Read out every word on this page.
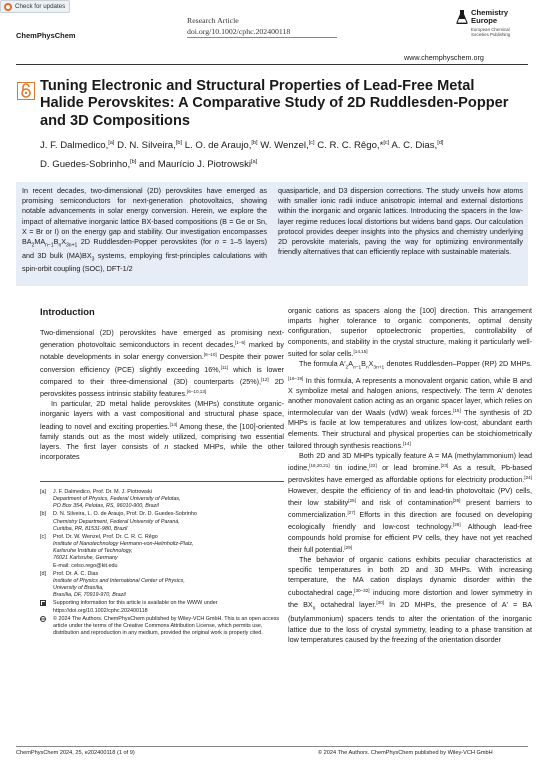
Check for updates
ChemPhysChem
Research Article
doi.org/10.1002/cphc.202400118
Chemistry
Europe
European Chemical
Societies Publishing
www.chemphyschem.org
Tuning Electronic and Structural Properties of Lead-Free Metal Halide Perovskites: A Comparative Study of 2D Ruddlesden-Popper and 3D Compositions
J. F. Dalmedico,[a] D. N. Silveira,[b] L. O. de Araujo,[b] W. Wenzel,[c] C. R. C. Rêgo,*[c] A. C. Dias,[d]
D. Guedes-Sobrinho,[b] and Maurício J. Piotrowski[a]
In recent decades, two-dimensional (2D) perovskites have emerged as promising semiconductors for next-generation photovoltaics, showing notable advancements in solar energy conversion. Herein, we explore the impact of alternative inorganic lattice BX-based compositions (B = Ge or Sn, X = Br or I) on the energy gap and stability. Our investigation encompasses $BA_2MA_{n-1}B_nX_{3n+1}$ 2D Ruddlesden-Popper perovskites (for n = 1–5 layers) and 3D bulk $(MA)BX_3$ systems, employing first-principles calculations with spin-orbit coupling (SOC), DFT-1/2
quasiparticle, and D3 dispersion corrections. The study unveils how atoms with smaller ionic radii induce anisotropic internal and external distortions within the inorganic and organic lattices. Introducing the spacers in the low-layer regime reduces local distortions but widens band gaps. Our calculation protocol provides deeper insights into the physics and chemistry underlying 2D perovskite materials, paving the way for optimizing environmentally friendly alternatives that can efficiently replace with sustainable materials.
Introduction

Two-dimensional (2D) perovskites have emerged as promising next-generation photovoltaic semiconductors in recent decades,[1–5] marked by notable developments in solar energy conversion.[6–10] Despite their power conversion efficiency (PCE) slightly exceeding 16%,[11] which is lower compared to their three-dimensional (3D) counterparts (25%),[12] 2D perovskites possess intrinsic stability features.[6–10,13]

In particular, 2D metal halide perovskites (MHPs) constitute organic-inorganic layers with a vast compositional and structural phase space, leading to novel and exciting properties.[14] Among these, the [100]-oriented family stands out as the most widely utilized, comprising two essential layers. The first layer consists of n stacked MHPs, while the other incorporates

[a]	J. F. Dalmedico, Prof. Dr. M. J. Piotrowski
Department of Physics, Federal University of Pelotas,
PO Box 354, Pelotas, RS, 96010-900, Brazil
[b]	D. N. Silveira, L. O. de Araujo, Prof. Dr. D. Guedes-Sobrinho
Chemistry Department, Federal University of Paraná,
Curitiba, PR, 81531-980, Brazil
[c]	Prof. Dr. W. Wenzel, Prof. Dr. C. R. C. Rêgo
Institute of Nanotechnology Hermann-von-Helmholtz-Platz,
Karlsruhe Institute of Technology,
76021 Karlsruhe, Germany
E-mail: celso.rego@kit.edu
[d]	Prof. Dr. A. C. Dias
Institute of Physics and International Center of Physics,
University of Brasília,
Brasília, DF, 70919-970, Brazil
Supporting information for this article is available on the WWW under https://doi.org/10.1002/cphc.202400118
cc	© 2024 The Authors. ChemPhysChem published by Wiley-VCH GmbH. This is an open access article under the terms of the Creative Commons Attribution License, which permits use, distribution and reproduction in any medium, provided the original work is properly cited.

organic cations as spacers along the [100] direction. This arrangement imparts higher tolerance to organic components, optimal density configuration, superior optoelectronic properties, controllability of components, and stability in the crystal structure, making it particularly well-suited for solar cells.[14,15]

The formula $A'_2A_{n-1}B_nX_{3n+1}$ denotes Ruddlesden–Popper (RP) 2D MHPs.[16–19] In this formula, A represents a monovalent organic cation, while B and X symbolize metal and halogen anions, respectively. The term A′ denotes another monovalent cation acting as an organic spacer layer, which relies on intermolecular van der Waals (vdW) weak forces.[15] The synthesis of 2D MHPs is facile at low temperatures and utilizes low-cost, abundant earth elements. Their structural and physical properties can be stoichiometrically tailored through synthesis reactions.[14]

Both 2D and 3D MHPs typically feature A = MA (methylammonium) lead iodine,[18,20,21] tin iodine,[22] or lead bromine.[23] As a result, Pb-based perovskites have emerged as affordable options for electricity production.[24] However, despite the efficiency of tin and lead-tin photovoltaic (PV) cells, their low stability[25] and risk of contamination[26] present barriers to commercialization.[27] Efforts in this direction are focused on developing ecologically friendly and low-cost technology.[28] Although lead-free compounds hold promise for efficient PV cells, they have not yet reached their full potential.[29]

The behavior of organic cations exhibits peculiar characteristics at specific temperatures in both 2D and 3D MHPs. With increasing temperature, the MA cation displays dynamic disorder within the cuboctahedral cage,[30–32] inducing more distortion and lower symmetry in the $BX_6$ octahedral layer.[30] In 2D MHPs, the presence of A′ = BA (butylammonium) spacers tends to alter the orientation of the inorganic lattice due to the loss of crystal symmetry, leading to a phase transition at low temperatures caused by the freezing of the orientation disorder

ChemPhysChem 2024, 25, e202400118 (1 of 9)	© 2024 The Authors. ChemPhysChem published by Wiley-VCH GmbH
